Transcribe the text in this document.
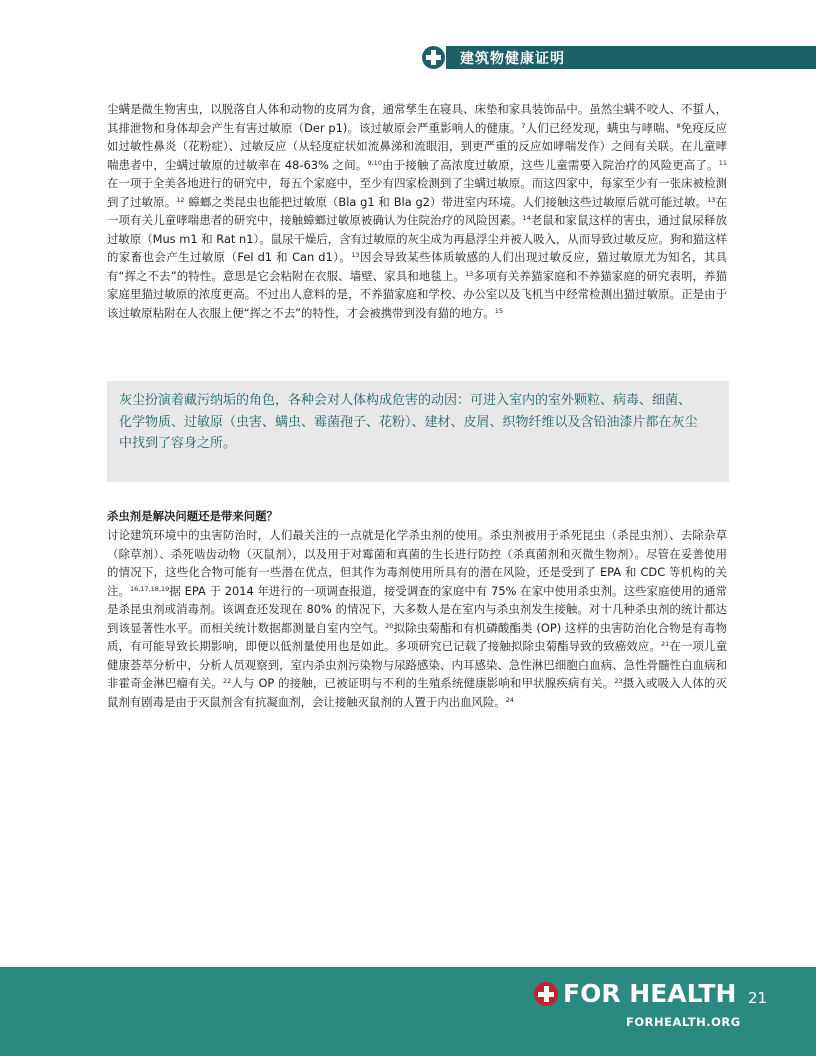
建筑物健康证明

尘螨是微生物害虫，以脱落自人体和动物的皮屑为食，通常孳生在寝具、床垫和家具装饰品中。虽然尘螨不咬人、不蜇人，其排泄物和身体却会产生有害过敏原（Der p1)。该过敏原会严重影响人的健康。$^7$人们已经发现，螨虫与哮喘、$^8$免疫反应如过敏性鼻炎（花粉症）、过敏反应（从轻度症状如流鼻涕和流眼泪，到更严重的反应如哮喘发作）之间有关联。在儿童哮喘患者中，尘螨过敏原的过敏率在 48-63% 之间。$^{9,10}$由于接触了高浓度过敏原，这些儿童需要入院治疗的风险更高了。$^{11}$在一项于全美各地进行的研究中，每五个家庭中，至少有四家检测到了尘螨过敏原。而这四家中，每家至少有一张床被检测到了过敏原。$^{12}$ 蟑螂之类昆虫也能把过敏原（Bla g1 和 Bla g2）带进室内环境。人们接触这些过敏原后就可能过敏。$^{13}$在一项有关儿童哮喘患者的研究中，接触蟑螂过敏原被确认为住院治疗的风险因素。$^{14}$老鼠和家鼠这样的害虫，通过鼠尿释放过敏原（Mus m1 和 Rat n1）。鼠尿干燥后，含有过敏原的灰尘成为再悬浮尘并被人吸入，从而导致过敏反应。狗和猫这样的家畜也会产生过敏原（Fel d1 和 Can d1）。$^{13}$因会导致某些体质敏感的人们出现过敏反应，猫过敏原尤为知名，其具有“挥之不去”的特性。意思是它会粘附在衣服、墙壁、家具和地毯上。$^{13}$多项有关养猫家庭和不养猫家庭的研究表明，养猫家庭里猫过敏原的浓度更高。不过出人意料的是，不养猫家庭和学校、办公室以及飞机当中经常检测出猫过敏原。正是由于该过敏原粘附在人衣服上便“挥之不去”的特性，才会被携带到没有猫的地方。$^{15}$

灰尘扮演着藏污纳垢的角色，各种会对人体构成危害的动因：可进入室内的室外颗粒、病毒、细菌、化学物质、过敏原（虫害、螨虫、霉菌孢子、花粉）、建材、皮屑、织物纤维以及含铅油漆片都在灰尘中找到了容身之所。
杀虫剂是解决问题还是带来问题？

讨论建筑环境中的虫害防治时，人们最关注的一点就是化学杀虫剂的使用。杀虫剂被用于杀死昆虫（杀昆虫剂）、去除杂草（除草剂）、杀死啮齿动物（灭鼠剂），以及用于对霉菌和真菌的生长进行防控（杀真菌剂和灭微生物剂）。尽管在妥善使用的情况下，这些化合物可能有一些潜在优点，但其作为毒剂使用所具有的潜在风险，还是受到了 EPA 和 CDC 等机构的关注。$^{16,17,18,19}$据 EPA 于 2014 年进行的一项调查报道，接受调查的家庭中有 75% 在家中使用杀虫剂。这些家庭使用的通常是杀昆虫剂或消毒剂。该调查还发现在 80% 的情况下，大多数人是在室内与杀虫剂发生接触。对十几种杀虫剂的统计都达到该显著性水平。而相关统计数据都测量自室内空气。$^{20}$拟除虫菊酯和有机磷酸酯类 (OP) 这样的虫害防治化合物是有毒物质，有可能导致长期影响，即便以低剂量使用也是如此。多项研究已记载了接触拟除虫菊酯导致的致癌效应。$^{21}$在一项儿童健康荟萃分析中，分析人员观察到，室内杀虫剂污染物与尿路感染、内耳感染、急性淋巴细胞白血病、急性骨髓性白血病和非霍奇金淋巴瘤有关。$^{22}$人与 OP 的接触，已被证明与不利的生殖系统健康影响和甲状腺疾病有关。$^{23}$摄入或吸入人体的灭鼠剂有剧毒是由于灭鼠剂含有抗凝血剂，会让接触灭鼠剂的人置于内出血风险。$^{24}$

FOR HEALTH 21
FORHEALTH.ORG
